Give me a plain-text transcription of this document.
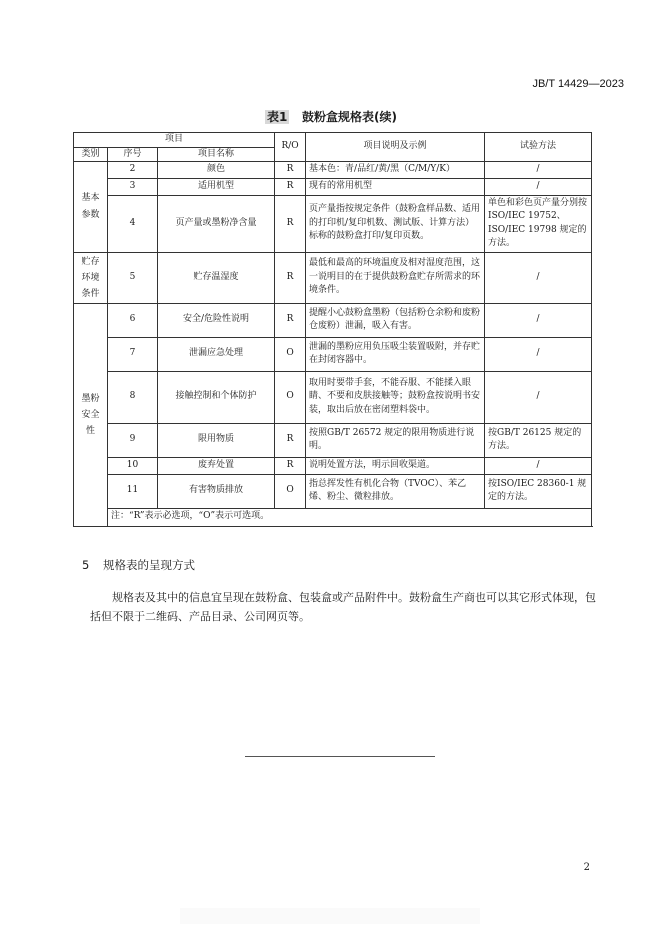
JB/T 14429—2023
表1 鼓粉盒规格表(续)
项目			R/O	项目说明及示例	试验方法
类别	序号	项目名称			
基本
参数	2	颜色	R	基本色：青/品红/黄/黑（C/M/Y/K）	/
	3	适用机型	R	现有的常用机型	/
	4	页产量或墨粉净含量	R	页产量指按规定条件（鼓粉盒样品数、适用的打印机/复印机数、测试版、计算方法）标称的鼓粉盒打印/复印页数。	单色和彩色页产量分别按ISO/IEC 19752、ISO/IEC 19798 规定的方法。
贮存
环境
条件	5	贮存温湿度	R	最低和最高的环境温度及相对湿度范围，这一说明目的在于提供鼓粉盒贮存所需求的环境条件。	/
墨粉
安全
性	6	安全/危险性说明	R	提醒小心鼓粉盒墨粉（包括粉仓余粉和废粉仓废粉）泄漏，吸入有害。	/
	7	泄漏应急处理	O	泄漏的墨粉应用负压吸尘装置吸附，并存贮在封闭容器中。	/
	8	接触控制和个体防护	O	取用时要带手套，不能吞服、不能揉入眼睛、不要和皮肤接触等；鼓粉盒按说明书安装，取出后放在密闭塑料袋中。	/
	9	限用物质	R	按照GB/T 26572 规定的限用物质进行说明。	按GB/T 26125 规定的方法。
	10	废弃处置	R	说明处置方法，明示回收渠道。	/
	11	有害物质排放	O	指总挥发性有机化合物（TVOC）、苯乙烯、粉尘、微粒排放。	按ISO/IEC 28360-1 规定的方法。
	注：“R”表示必选项，“O”表示可选项。				
5 规格表的呈现方式

规格表及其中的信息宜呈现在鼓粉盒、包装盒或产品附件中。鼓粉盒生产商也可以其它形式体现，包括但不限于二维码、产品目录、公司网页等。

2
